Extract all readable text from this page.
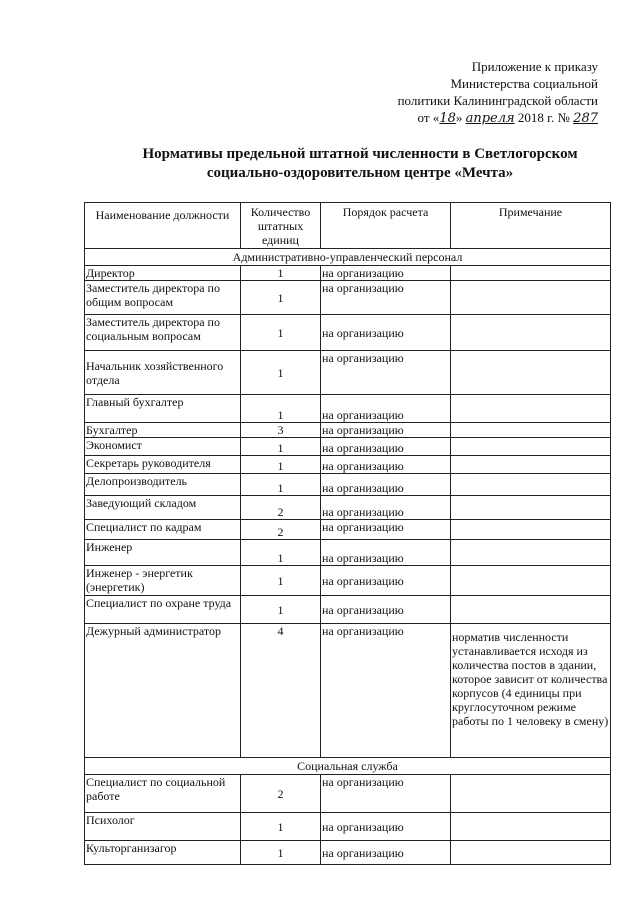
Приложение к приказу
Министерства социальной
политики Калининградской области
от «18» апреля 2018 г. № 287
Нормативы предельной штатной численности в Светлогорском
социально-оздоровительном центре «Мечта»
Наименование должности	Количество штатных единиц	Порядок расчета	Примечание
Административно-управленческий персонал			
Директор	1	на организацию	
Заместитель директора по общим вопросам	1	на организацию	
Заместитель директора по социальным вопросам	1	на организацию	
Начальник хозяйственного отдела	1	на организацию	
Главный бухгалтер	1	на организацию	
Бухгалтер	3	на организацию	
Экономист	1	на организацию	
Секретарь руководителя	1	на организацию	
Делопроизводитель	1	на организацию	
Заведующий складом	2	на организацию	
Специалист по кадрам	2	на организацию	
Инженер	1	на организацию	
Инженер - энергетик (энергетик)	1	на организацию	
Специалист по охране труда	1	на организацию	
Дежурный администратор	4	на организацию	норматив численности устанавливается исходя из количества постов в здании, которое зависит от количества корпусов (4 единицы при круглосуточном режиме работы по 1 человеку в смену)
Социальная служба			
Специалист по социальной работе	2	на организацию	
Психолог	1	на организацию	
Культорганизагор	1	на организацию	
